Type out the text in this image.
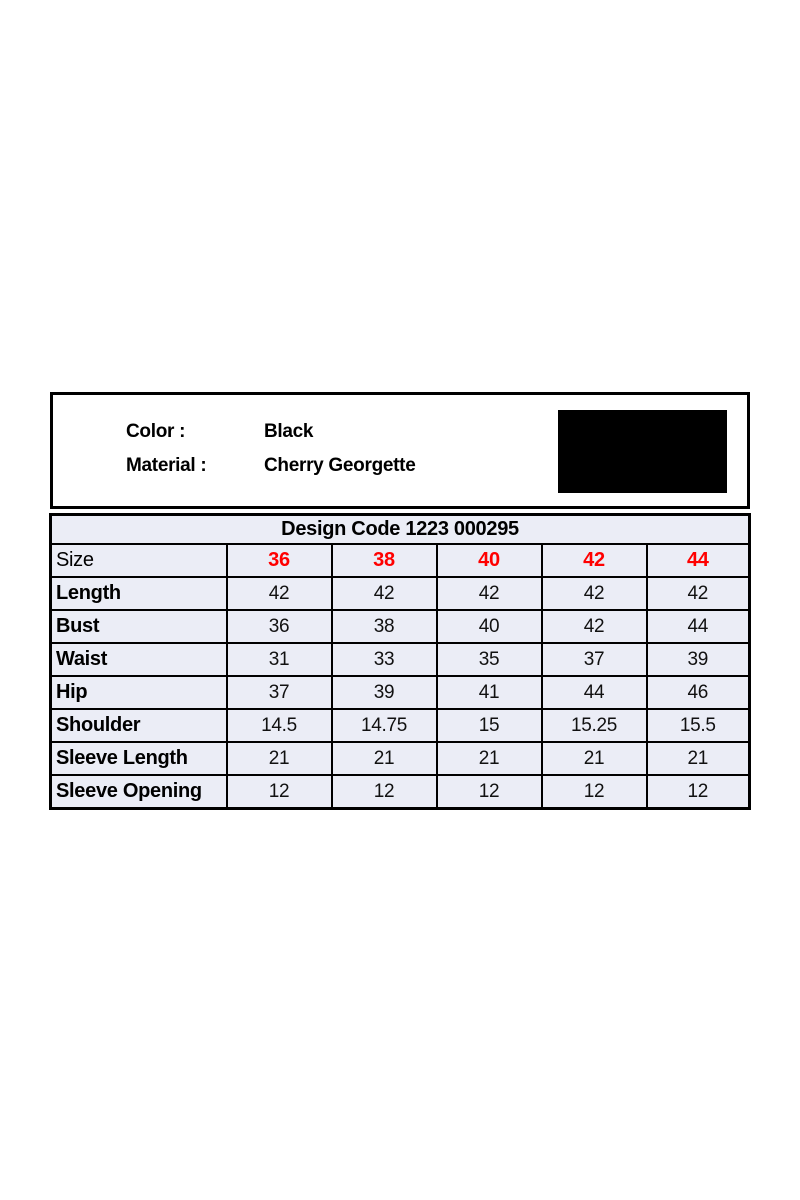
Color :	Black
Material :	Cherry Georgette
Design Code 1223 000295					
Size	36	38	40	42	44
Length	42	42	42	42	42
Bust	36	38	40	42	44
Waist	31	33	35	37	39
Hip	37	39	41	44	46
Shoulder	14.5	14.75	15	15.25	15.5
Sleeve Length	21	21	21	21	21
Sleeve Opening	12	12	12	12	12
